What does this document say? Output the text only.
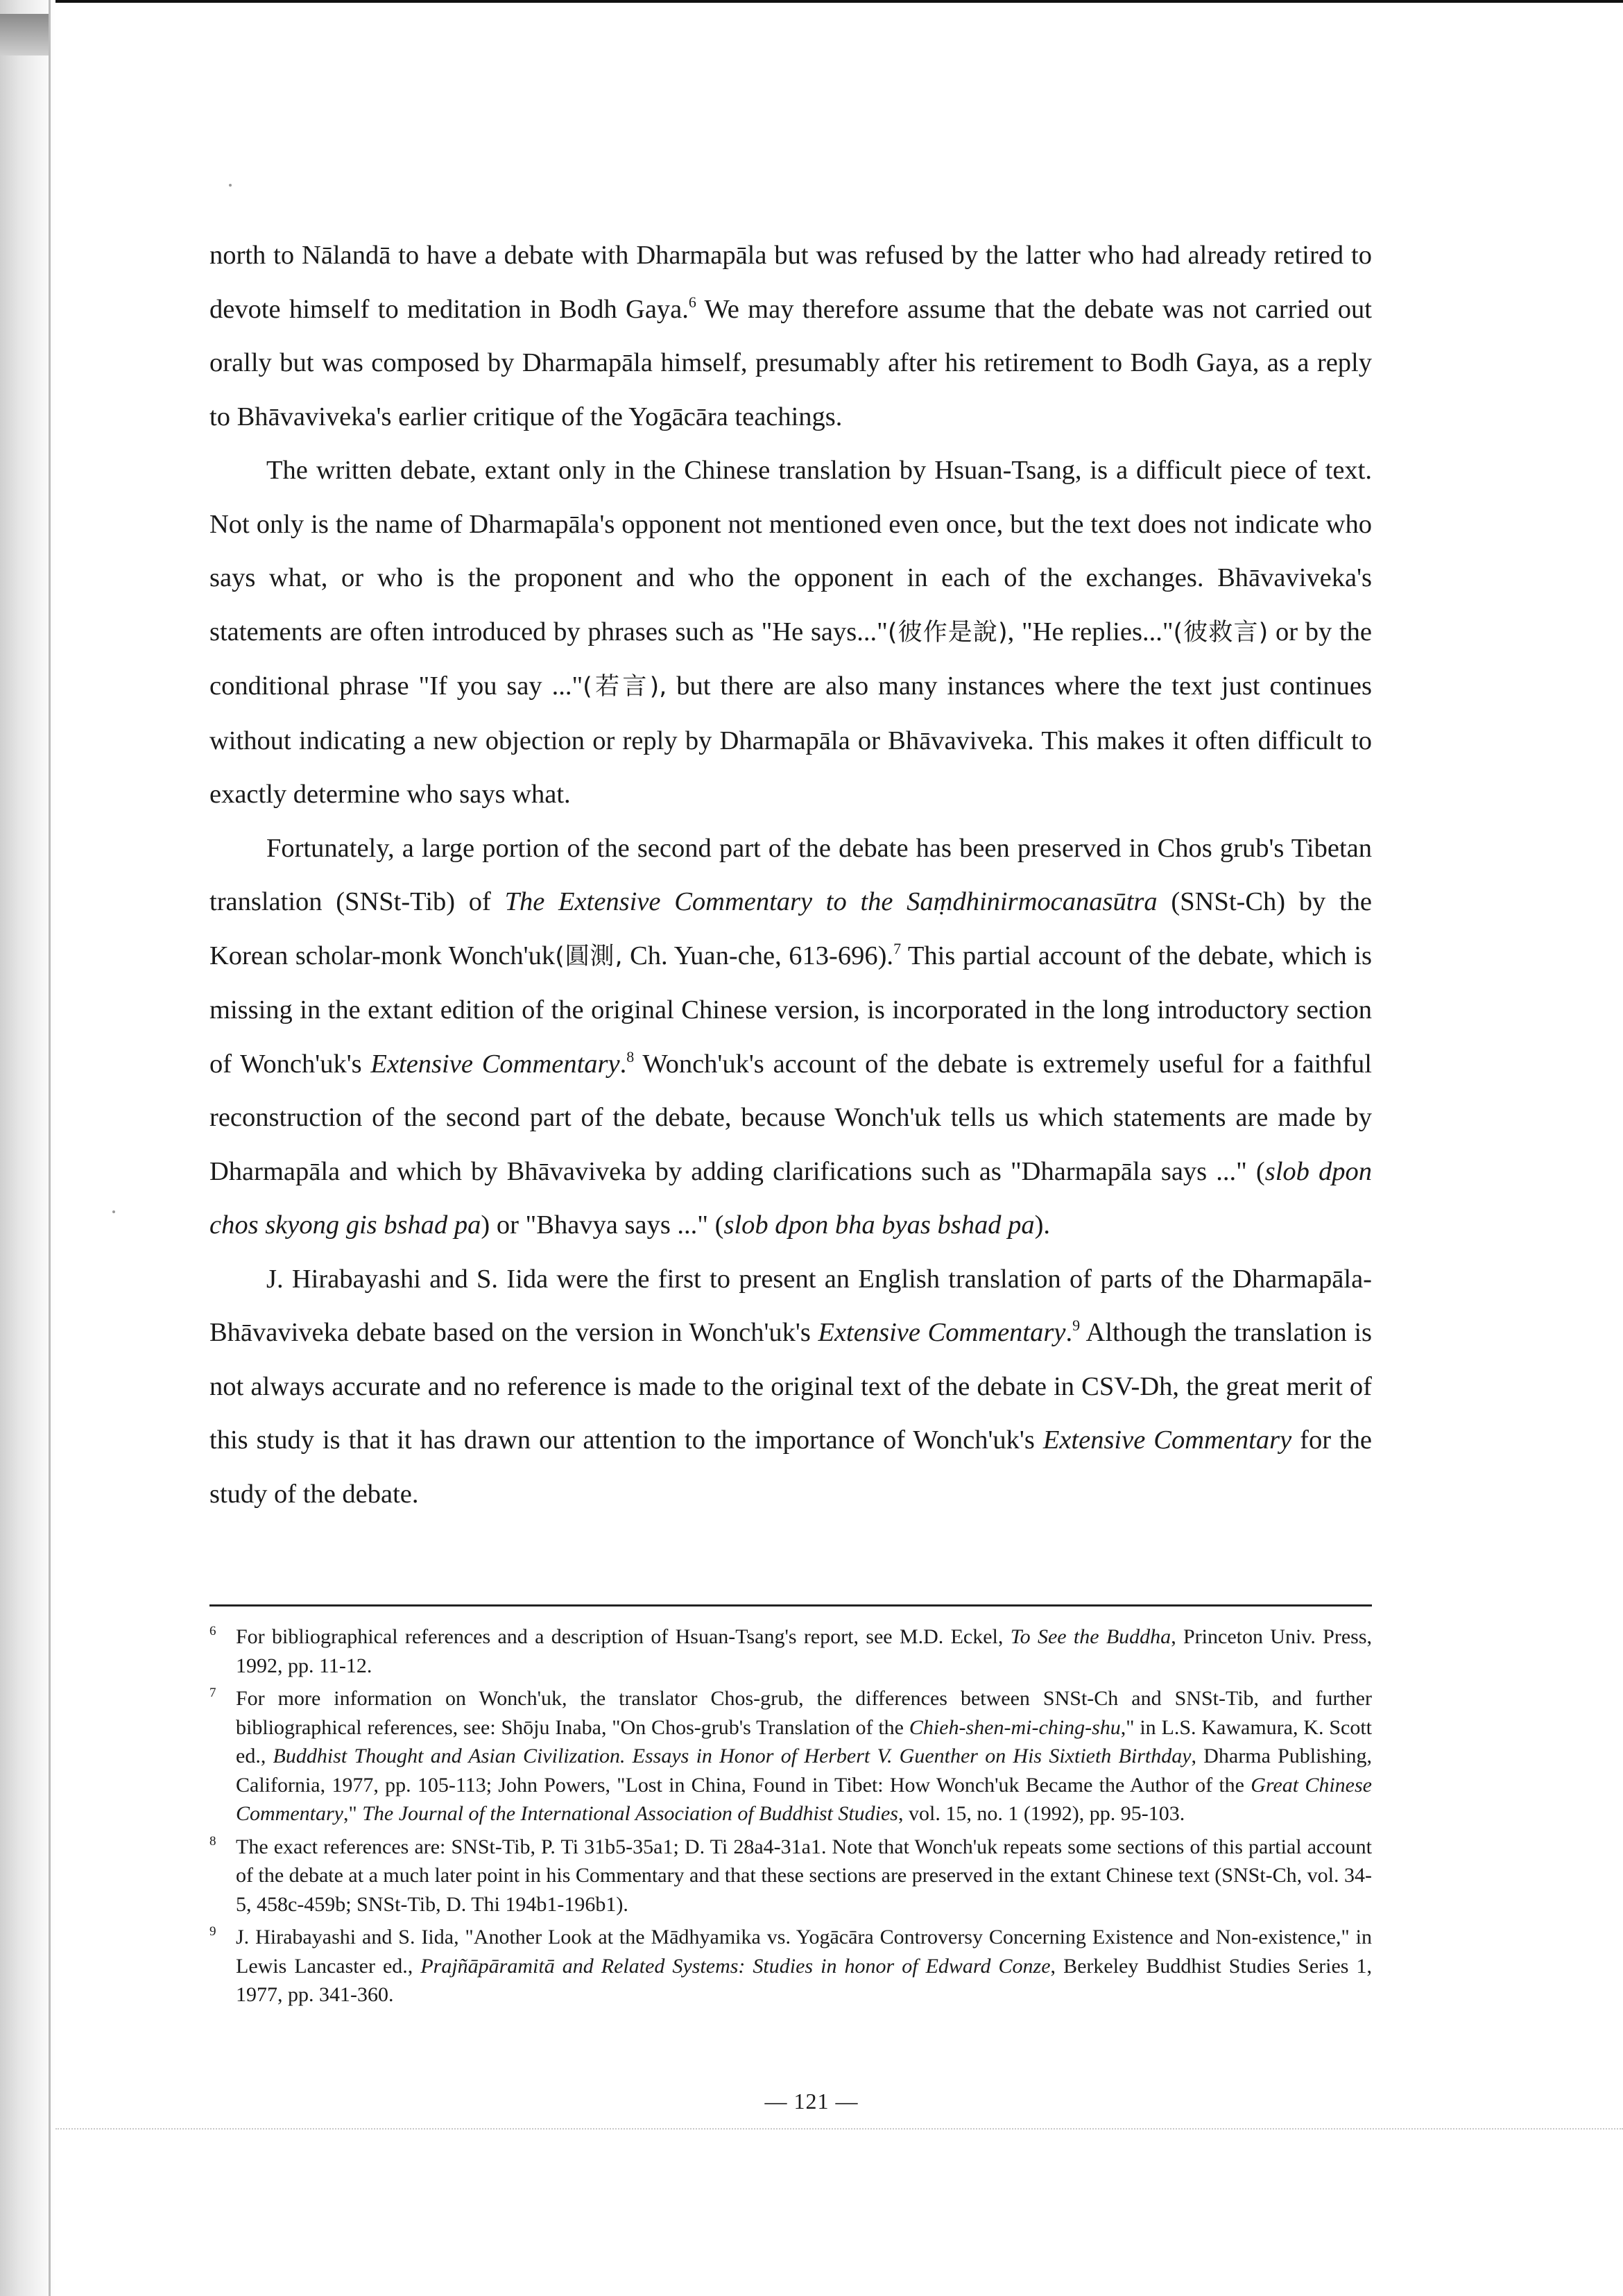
north to Nālandā to have a debate with Dharmapāla but was refused by the latter who had already retired to devote himself to meditation in Bodh Gaya.$^6$ We may therefore assume that the debate was not carried out orally but was composed by Dharmapāla himself, presumably after his retirement to Bodh Gaya, as a reply to Bhāvaviveka's earlier critique of the Yogācāra teachings.

The written debate, extant only in the Chinese translation by Hsuan-Tsang, is a difficult piece of text. Not only is the name of Dharmapāla's opponent not mentioned even once, but the text does not indicate who says what, or who is the proponent and who the opponent in each of the exchanges. Bhāvaviveka's statements are often introduced by phrases such as "He says..."(彼作是說), "He replies..."(彼救言) or by the conditional phrase "If you say ..."(若言), but there are also many instances where the text just continues without indicating a new objection or reply by Dharmapāla or Bhāvaviveka. This makes it often difficult to exactly determine who says what.

Fortunately, a large portion of the second part of the debate has been preserved in Chos grub's Tibetan translation (SNSt-Tib) of The Extensive Commentary to the Saṃdhinirmocanasūtra (SNSt-Ch) by the Korean scholar-monk Wonch'uk(圓測, Ch. Yuan-che, 613-696).$^7$ This partial account of the debate, which is missing in the extant edition of the original Chinese version, is incorporated in the long introductory section of Wonch'uk's Extensive Commentary.$^8$ Wonch'uk's account of the debate is extremely useful for a faithful reconstruction of the second part of the debate, because Wonch'uk tells us which statements are made by Dharmapāla and which by Bhāvaviveka by adding clarifications such as "Dharmapāla says ..." (slob dpon chos skyong gis bshad pa) or "Bhavya says ..." (slob dpon bha byas bshad pa).

J. Hirabayashi and S. Iida were the first to present an English translation of parts of the Dharmapāla-Bhāvaviveka debate based on the version in Wonch'uk's Extensive Commentary.$^9$ Although the translation is not always accurate and no reference is made to the original text of the debate in CSV-Dh, the great merit of this study is that it has drawn our attention to the importance of Wonch'uk's Extensive Commentary for the study of the debate.

6 For bibliographical references and a description of Hsuan-Tsang's report, see M.D. Eckel, To See the Buddha, Princeton Univ. Press, 1992, pp. 11-12.
7 For more information on Wonch'uk, the translator Chos-grub, the differences between SNSt-Ch and SNSt-Tib, and further bibliographical references, see: Shōju Inaba, "On Chos-grub's Translation of the Chieh-shen-mi-ching-shu," in L.S. Kawamura, K. Scott ed., Buddhist Thought and Asian Civilization. Essays in Honor of Herbert V. Guenther on His Sixtieth Birthday, Dharma Publishing, California, 1977, pp. 105-113; John Powers, "Lost in China, Found in Tibet: How Wonch'uk Became the Author of the Great Chinese Commentary," The Journal of the International Association of Buddhist Studies, vol. 15, no. 1 (1992), pp. 95-103.
8 The exact references are: SNSt-Tib, P. Ti 31b5-35a1; D. Ti 28a4-31a1. Note that Wonch'uk repeats some sections of this partial account of the debate at a much later point in his Commentary and that these sections are preserved in the extant Chinese text (SNSt-Ch, vol. 34-5, 458c-459b; SNSt-Tib, D. Thi 194b1-196b1).
9 J. Hirabayashi and S. Iida, "Another Look at the Mādhyamika vs. Yogācāra Controversy Concerning Existence and Non-existence," in Lewis Lancaster ed., Prajñāpāramitā and Related Systems: Studies in honor of Edward Conze, Berkeley Buddhist Studies Series 1, 1977, pp. 341-360.
— 121 —
